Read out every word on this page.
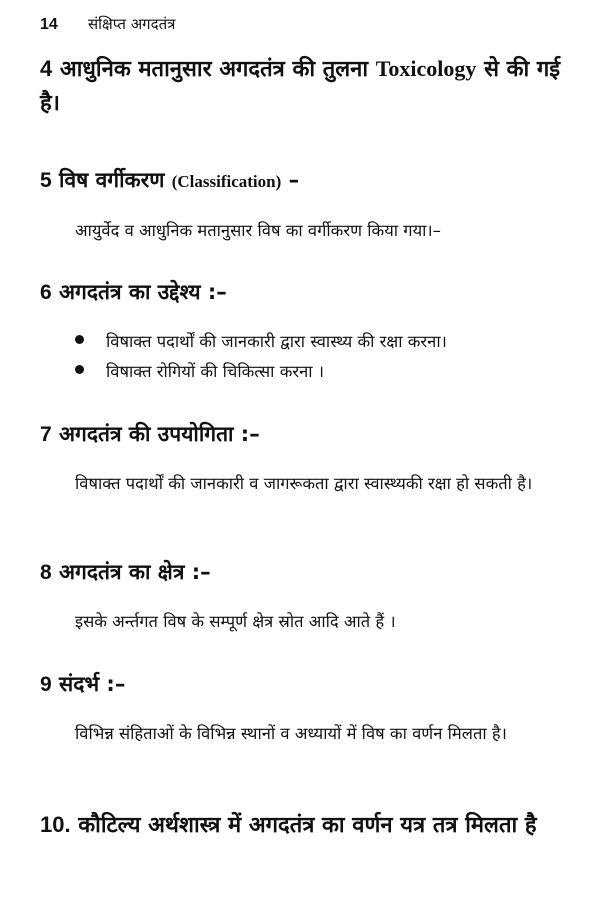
14	संक्षिप्त अगदतंत्र

4 आधुनिक मतानुसार अगदतंत्र की तुलना Toxicology से की गई है।

5 विष वर्गीकरण (Classification) –

आयुर्वेद व आधुनिक मतानुसार विष का वर्गीकरण किया गया।–

6 अगदतंत्र का उद्देश्य :–

विषाक्त पदार्थों की जानकारी द्वारा स्वास्थ्य की रक्षा करना।
विषाक्त रोगियों की चिकित्सा करना ।

7 अगदतंत्र की उपयोगिता :–

विषाक्त पदार्थों की जानकारी व जागरूकता द्वारा स्वास्थ्यकी रक्षा हो सकती है।

8 अगदतंत्र का क्षेत्र :–

इसके अर्न्तगत विष के सम्पूर्ण क्षेत्र स्रोत आदि आते हैं ।

9 संदर्भ :–

विभिन्न संहिताओं के विभिन्न स्थानों व अध्यायों में विष का वर्णन मिलता है।

10. कौटिल्य अर्थशास्त्र में अगदतंत्र का वर्णन यत्र तत्र मिलता है
